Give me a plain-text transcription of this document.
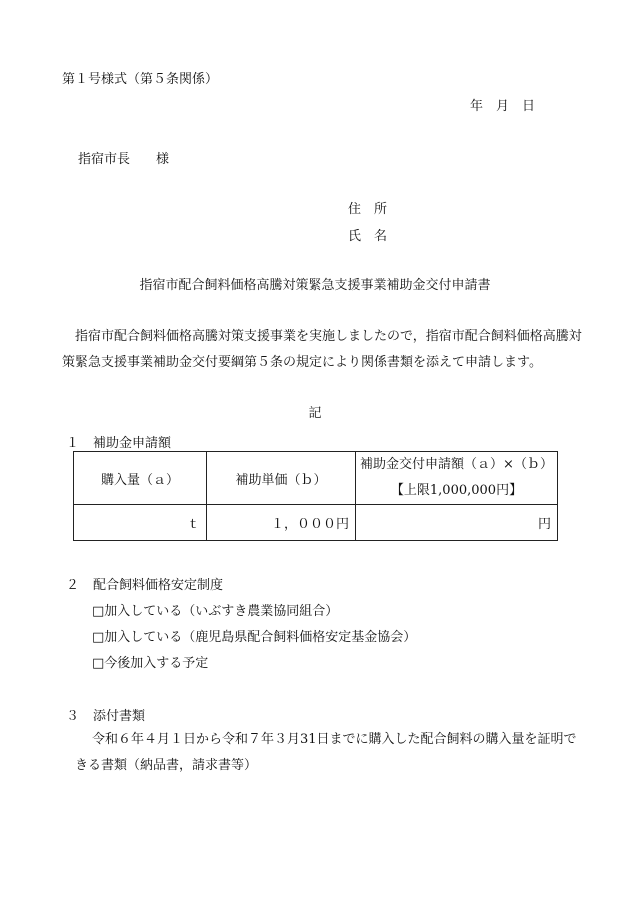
第１号様式（第５条関係）
年　月　日
指宿市長　　様
住　所
氏　名
指宿市配合飼料価格高騰対策緊急支援事業補助金交付申請書
指宿市配合飼料価格高騰対策支援事業を実施しましたので，指宿市配合飼料価格高騰対策緊急支援事業補助金交付要綱第５条の規定により関係書類を添えて申請します。
記
１ 補助金申請額
購入量（ａ）	補助単価（ｂ）	補助金交付申請額（ａ）×（ｂ）
【上限1,000,000円】

ｔ	１，０００円	円
２ 配合飼料価格安定制度
□加入している（いぶすき農業協同組合）
□加入している（鹿児島県配合飼料価格安定基金協会）
□今後加入する予定
３ 添付書類
令和６年４月１日から令和７年３月31日までに購入した配合飼料の購入量を証明できる書類（納品書，請求書等）
